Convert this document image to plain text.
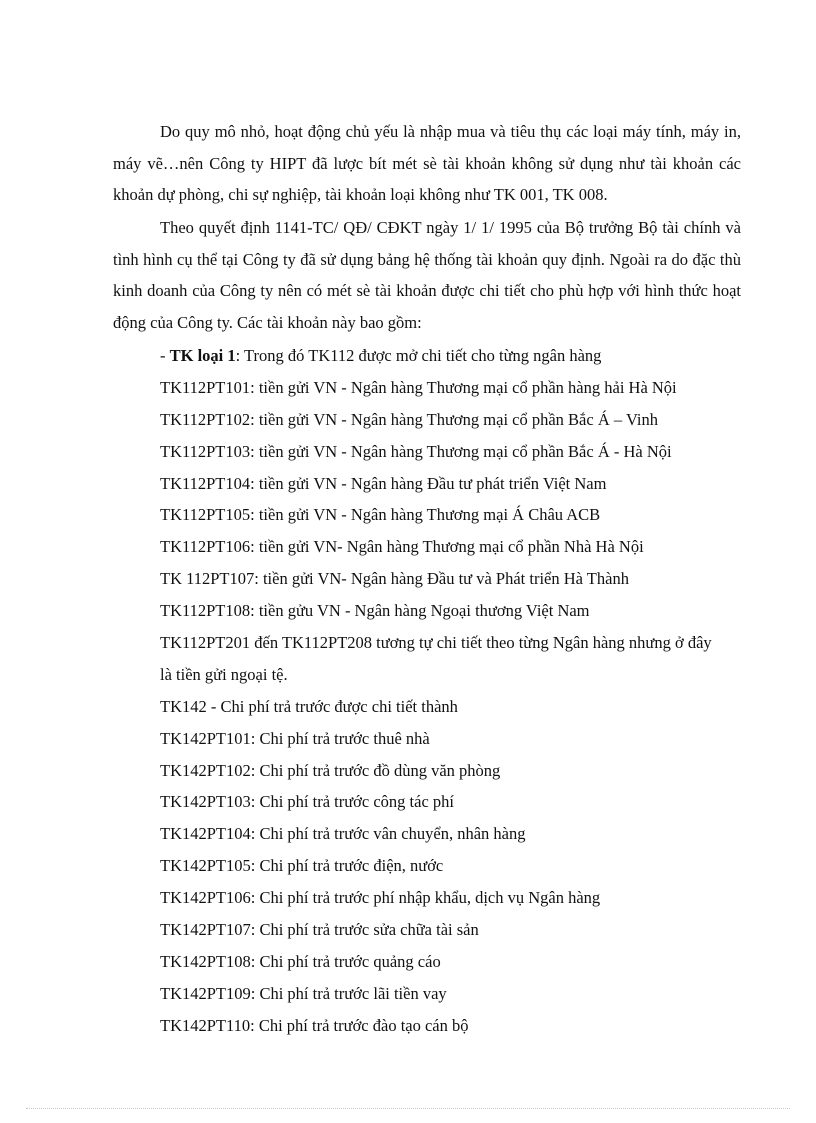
Do quy mô nhỏ, hoạt động chủ yếu là nhập mua và tiêu thụ các loại máy tính, máy in, máy vẽ…nên Công ty HIPT đã lược bít mét sè tài khoản không sử dụng như tài khoản các khoản dự phòng, chi sự nghiệp, tài khoản loại không như TK 001, TK 008.

Theo quyết định 1141-TC/ QĐ/ CĐKT ngày 1/ 1/ 1995 của Bộ trưởng Bộ tài chính và tình hình cụ thể tại Công ty đã sử dụng bảng hệ thống tài khoản quy định. Ngoài ra do đặc thù kinh doanh của Công ty nên có mét sè tài khoản được chi tiết cho phù hợp với hình thức hoạt động của Công ty. Các tài khoản này bao gồm:

- TK loại 1: Trong đó TK112 được mở chi tiết cho từng ngân hàng
TK112PT101: tiền gửi VN - Ngân hàng Thương mại cổ phần hàng hải Hà Nội
TK112PT102: tiền gửi VN - Ngân hàng Thương mại cổ phần Bắc Á – Vinh
TK112PT103: tiền gửi VN - Ngân hàng Thương mại cổ phần Bắc Á - Hà Nội
TK112PT104: tiền gửi VN - Ngân hàng Đầu tư phát triển Việt Nam
TK112PT105: tiền gửi VN - Ngân hàng Thương mại Á Châu ACB
TK112PT106: tiền gửi VN- Ngân hàng Thương mại cổ phần Nhà Hà Nội
TK 112PT107: tiền gửi VN- Ngân hàng Đầu tư và Phát triển Hà Thành
TK112PT108: tiền gửu VN - Ngân hàng Ngoại thương Việt Nam
TK112PT201 đến TK112PT208 tương tự chi tiết theo từng Ngân hàng nhưng ở đây
là tiền gửi ngoại tệ.
TK142 - Chi phí trả trước được chi tiết thành
TK142PT101: Chi phí trả trước thuê nhà
TK142PT102: Chi phí trả trước đồ dùng văn phòng
TK142PT103: Chi phí trả trước công tác phí
TK142PT104: Chi phí trả trước vân chuyển, nhân hàng
TK142PT105: Chi phí trả trước điện, nước
TK142PT106: Chi phí trả trước phí nhập khẩu, dịch vụ Ngân hàng
TK142PT107: Chi phí trả trước sửa chữa tài sản
TK142PT108: Chi phí trả trước quảng cáo
TK142PT109: Chi phí trả trước lãi tiền vay
TK142PT110: Chi phí trả trước đào tạo cán bộ
